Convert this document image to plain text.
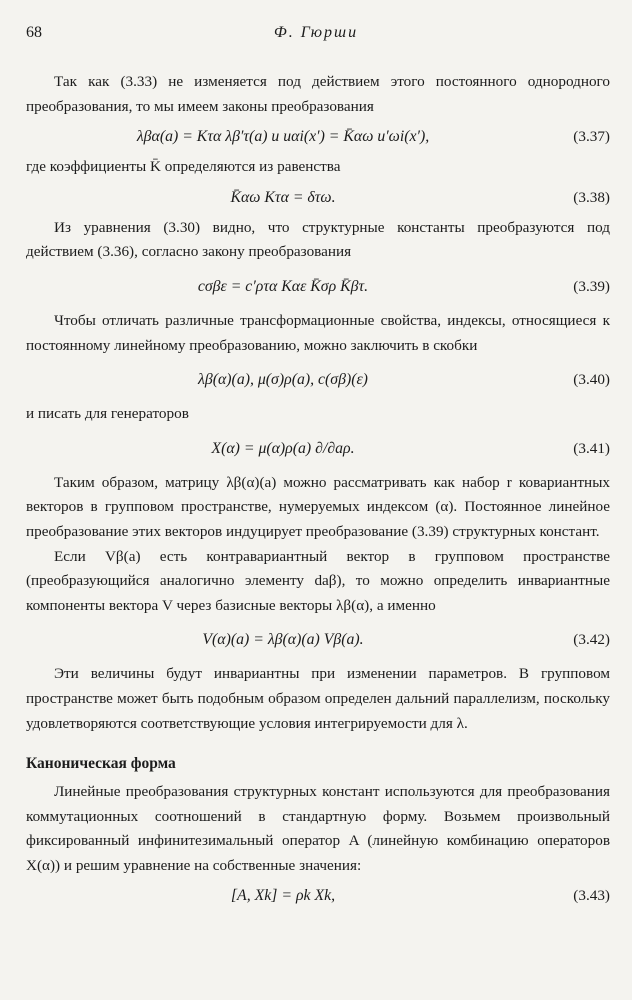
68	Ф. Гюрши

Так как (3.33) не изменяется под действием этого постоянного однородного преобразования, то мы имеем законы преобразования

λβα(a) = Kτα λβ′τ(a) и uαi(x′) = K̄αω u′ωi(x′),	(3.37)

где коэффициенты K̄ определяются из равенства

K̄αω Kτα = δτω.	(3.38)

Из уравнения (3.30) видно, что структурные константы преобразуются под действием (3.36), согласно закону преобразования

cσβε = c′ρτα Kαε K̄σρ K̄βτ.	(3.39)

Чтобы отличать различные трансформационные свойства, индексы, относящиеся к постоянному линейному преобразованию, можно заключить в скобки

λβ(α)(a), μ(σ)ρ(a), c(σβ)(ε)	(3.40)

и писать для генераторов

X(α) = μ(α)ρ(a) ∂/∂aρ.	(3.41)

Таким образом, матрицу λβ(α)(a) можно рассматривать как набор r ковариантных векторов в групповом пространстве, нумеруемых индексом (α). Постоянное линейное преобразование этих векторов индуцирует преобразование (3.39) структурных констант.

Если Vβ(a) есть контравариантный вектор в групповом пространстве (преобразующийся аналогично элементу daβ), то можно определить инвариантные компоненты вектора V через базисные векторы λβ(α), а именно

V(α)(a) = λβ(α)(a) Vβ(a).	(3.42)

Эти величины будут инвариантны при изменении параметров. В групповом пространстве может быть подобным образом определен дальний параллелизм, поскольку удовлетворяются соответствующие условия интегрируемости для λ.

Каноническая форма

Линейные преобразования структурных констант используются для преобразования коммутационных соотношений в стандартную форму. Возьмем произвольный фиксированный инфинитезимальный оператор A (линейную комбинацию операторов X(α)) и решим уравнение на собственные значения:

[A, Xk] = ρk Xk,	(3.43)
